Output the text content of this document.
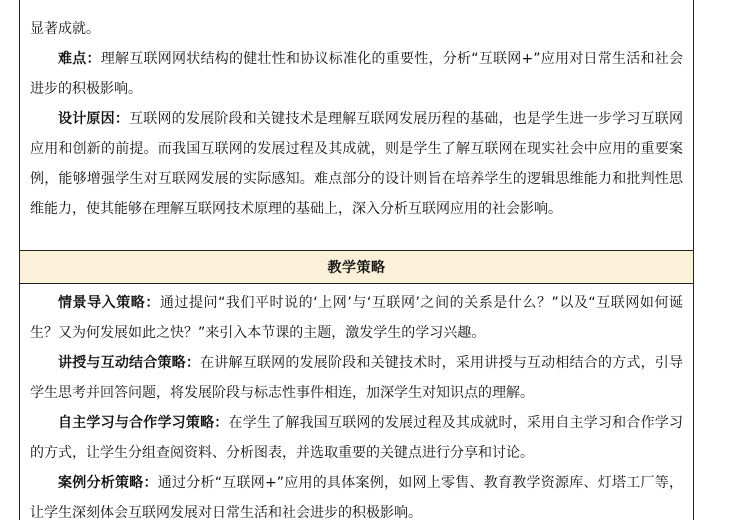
显著成就。

难点：理解互联网网状结构的健壮性和协议标准化的重要性，分析“互联网+”应用对日常生活和社会进步的积极影响。

设计原因：互联网的发展阶段和关键技术是理解互联网发展历程的基础，也是学生进一步学习互联网应用和创新的前提。而我国互联网的发展过程及其成就，则是学生了解互联网在现实社会中应用的重要案例，能够增强学生对互联网发展的实际感知。难点部分的设计则旨在培养学生的逻辑思维能力和批判性思维能力，使其能够在理解互联网技术原理的基础上，深入分析互联网应用的社会影响。

教学策略

情景导入策略：通过提问“我们平时说的‘上网’与‘互联网’之间的关系是什么？”以及“互联网如何诞生？又为何发展如此之快？”来引入本节课的主题，激发学生的学习兴趣。

讲授与互动结合策略：在讲解互联网的发展阶段和关键技术时，采用讲授与互动相结合的方式，引导学生思考并回答问题，将发展阶段与标志性事件相连，加深学生对知识点的理解。

自主学习与合作学习策略：在学生了解我国互联网的发展过程及其成就时，采用自主学习和合作学习的方式，让学生分组查阅资料、分析图表，并选取重要的关键点进行分享和讨论。

案例分析策略：通过分析“互联网+”应用的具体案例，如网上零售、教育教学资源库、灯塔工厂等，让学生深刻体会互联网发展对日常生活和社会进步的积极影响。
